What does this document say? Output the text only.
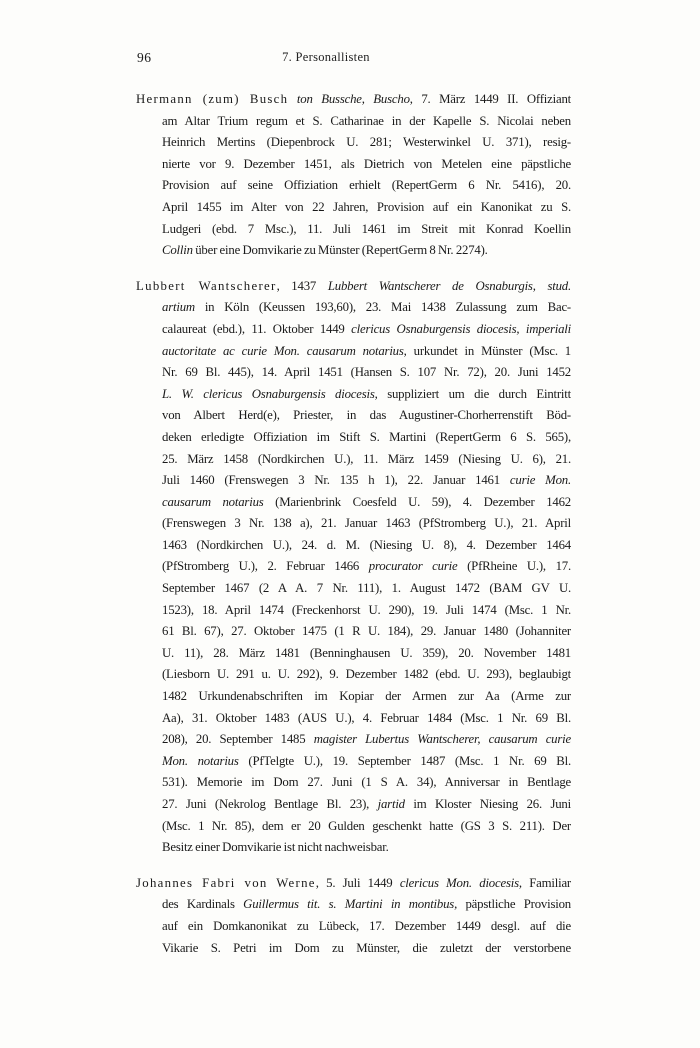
96	7. Personallisten
Hermann (zum) Busch ton Bussche, Buscho, 7. März 1449 II. Offiziant
am Altar Trium regum et S. Catharinae in der Kapelle S. Nicolai neben
Heinrich Mertins (Diepenbrock U. 281; Westerwinkel U. 371), resig-
nierte vor 9. Dezember 1451, als Dietrich von Metelen eine päpstliche
Provision auf seine Offiziation erhielt (RepertGerm 6 Nr. 5416), 20.
April 1455 im Alter von 22 Jahren, Provision auf ein Kanonikat zu S.
Ludgeri (ebd. 7 Msc.), 11. Juli 1461 im Streit mit Konrad Koellin
Collin über eine Domvikarie zu Münster (RepertGerm 8 Nr. 2274).
Lubbert Wantscherer, 1437 Lubbert Wantscherer de Osnaburgis, stud.
artium in Köln (Keussen 193,60), 23. Mai 1438 Zulassung zum Bac-
calaureat (ebd.), 11. Oktober 1449 clericus Osnaburgensis diocesis, imperiali
auctoritate ac curie Mon. causarum notarius, urkundet in Münster (Msc. 1
Nr. 69 Bl. 445), 14. April 1451 (Hansen S. 107 Nr. 72), 20. Juni 1452
L. W. clericus Osnaburgensis diocesis, suppliziert um die durch Eintritt
von Albert Herd(e), Priester, in das Augustiner-Chorherrenstift Böd-
deken erledigte Offiziation im Stift S. Martini (RepertGerm 6 S. 565),
25. März 1458 (Nordkirchen U.), 11. März 1459 (Niesing U. 6), 21.
Juli 1460 (Frenswegen 3 Nr. 135 h 1), 22. Januar 1461 curie Mon.
causarum notarius (Marienbrink Coesfeld U. 59), 4. Dezember 1462
(Frenswegen 3 Nr. 138 a), 21. Januar 1463 (PfStromberg U.), 21. April
1463 (Nordkirchen U.), 24. d. M. (Niesing U. 8), 4. Dezember 1464
(PfStromberg U.), 2. Februar 1466 procurator curie (PfRheine U.), 17.
September 1467 (2 A A. 7 Nr. 111), 1. August 1472 (BAM GV U.
1523), 18. April 1474 (Freckenhorst U. 290), 19. Juli 1474 (Msc. 1 Nr.
61 Bl. 67), 27. Oktober 1475 (1 R U. 184), 29. Januar 1480 (Johanniter
U. 11), 28. März 1481 (Benninghausen U. 359), 20. November 1481
(Liesborn U. 291 u. U. 292), 9. Dezember 1482 (ebd. U. 293), beglaubigt
1482 Urkundenabschriften im Kopiar der Armen zur Aa (Arme zur
Aa), 31. Oktober 1483 (AUS U.), 4. Februar 1484 (Msc. 1 Nr. 69 Bl.
208), 20. September 1485 magister Lubertus Wantscherer, causarum curie
Mon. notarius (PfTelgte U.), 19. September 1487 (Msc. 1 Nr. 69 Bl.
531). Memorie im Dom 27. Juni (1 S A. 34), Anniversar in Bentlage
27. Juni (Nekrolog Bentlage Bl. 23), jartid im Kloster Niesing 26. Juni
(Msc. 1 Nr. 85), dem er 20 Gulden geschenkt hatte (GS 3 S. 211). Der
Besitz einer Domvikarie ist nicht nachweisbar.
Johannes Fabri von Werne, 5. Juli 1449 clericus Mon. diocesis, Familiar
des Kardinals Guillermus tit. s. Martini in montibus, päpstliche Provision
auf ein Domkanonikat zu Lübeck, 17. Dezember 1449 desgl. auf die
Vikarie S. Petri im Dom zu Münster, die zuletzt der verstorbene
